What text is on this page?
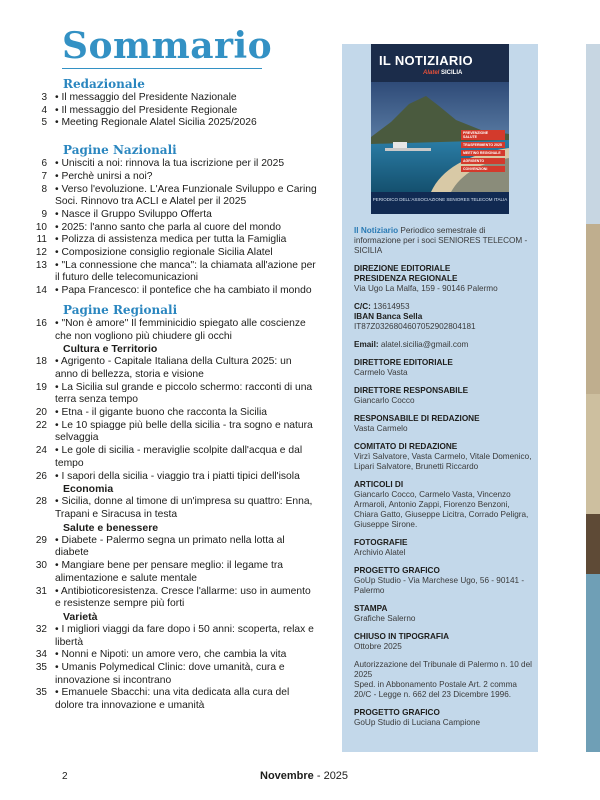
Sommario
Redazionale
3 • Il messaggio del Presidente Nazionale
4 • Il messaggio del Presidente Regionale
5 • Meeting Regionale Alatel Sicilia 2025/2026
Pagine Nazionali
6 • Unisciti a noi: rinnova la tua iscrizione per il 2025
7 • Perchè unirsi a noi?
8 • Verso l'evoluzione. L'Area Funzionale Sviluppo e Caring Soci. Rinnovo tra ACLI e Alatel per il 2025
9 • Nasce il Gruppo Sviluppo Offerta
10 • 2025: l'anno santo che parla al cuore del mondo
11 • Polizza di assistenza medica per tutta la Famiglia
12 • Composizione consiglio regionale Sicilia Alatel
13 • "La connessione che manca": la chiamata all'azione per il futuro delle telecomunicazioni
14 • Papa Francesco: il pontefice che ha cambiato il mondo
Pagine Regionali
16 • "Non è amore" Il femminicidio spiegato alle coscienze che non vogliono più chiudere gli occhi
Cultura e Territorio
18 • Agrigento - Capitale Italiana della Cultura 2025: un anno di bellezza, storia e visione
19 • La Sicilia sul grande e piccolo schermo: racconti di una terra senza tempo
20 • Etna - il gigante buono che racconta la Sicilia
22 • Le 10 spiagge più belle della sicilia - tra sogno e natura selvaggia
24 • Le gole di sicilia - meraviglie scolpite dall'acqua e dal tempo
26 • I sapori della sicilia - viaggio tra i piatti tipici dell'isola
Economia
28 • Sicilia, donne al timone di un'impresa su quattro: Enna, Trapani e Siracusa in testa
Salute e benessere
29 • Diabete - Palermo segna un primato nella lotta al diabete
30 • Mangiare bene per pensare meglio: il legame tra alimentazione e salute mentale
31 • Antibioticoresistenza. Cresce l'allarme: uso in aumento e resistenze sempre più forti
Varietà
32 • I migliori viaggi da fare dopo i 50 anni: scoperta, relax e libertà
34 • Nonni e Nipoti: un amore vero, che cambia la vita
35 • Umanis Polymedical Clinic: dove umanità, cura e innovazione si incontrano
35 • Emanuele Sbacchi: una vita dedicata alla cura del dolore tra innovazione e umanità
IL NOTIZIARIO
Alatel SICILIA
PREVENZIONE SALUTE
TRASFERIMENTO 2025
MEETING REGIONALE
AGRIGENTO
CONVENZIONI
PERIODICO DELL'ASSOCIAZIONE SENIORES TELECOM ITALIA
Il Notiziario Periodico semestrale di informazione per i soci SENIORES TELECOM - SICILIA
DIREZIONE EDITORIALE
PRESIDENZA REGIONALE
Via Ugo La Malfa, 159 - 90146 Palermo
C/C: 13614953
IBAN Banca Sella
IT87Z0326804607052902804181
Email: alatel.sicilia@gmail.com
DIRETTORE EDITORIALE
Carmelo Vasta
DIRETTORE RESPONSABILE
Giancarlo Cocco
RESPONSABILE DI REDAZIONE
Vasta Carmelo
COMITATO DI REDAZIONE
Virzì Salvatore, Vasta Carmelo, Vitale Domenico, Lipari Salvatore, Brunetti Riccardo
ARTICOLI DI
Giancarlo Cocco, Carmelo Vasta, Vincenzo Armaroli, Antonio Zappi, Fiorenzo Benzoni, Chiara Gatto, Giuseppe Licitra, Corrado Peligra, Giuseppe Sirone.
FOTOGRAFIE
Archivio Alatel
PROGETTO GRAFICO
GoUp Studio - Via Marchese Ugo, 56 - 90141 - Palermo
STAMPA
Grafiche Salerno
CHIUSO IN TIPOGRAFIA
Ottobre 2025
Autorizzazione del Tribunale di Palermo n. 10 del 2025
Sped. in Abbonamento Postale Art. 2 comma 20/C - Legge n. 662 del 23 Dicembre 1996.
PROGETTO GRAFICO
GoUp Studio di Luciana Campione
2	Novembre - 2025
